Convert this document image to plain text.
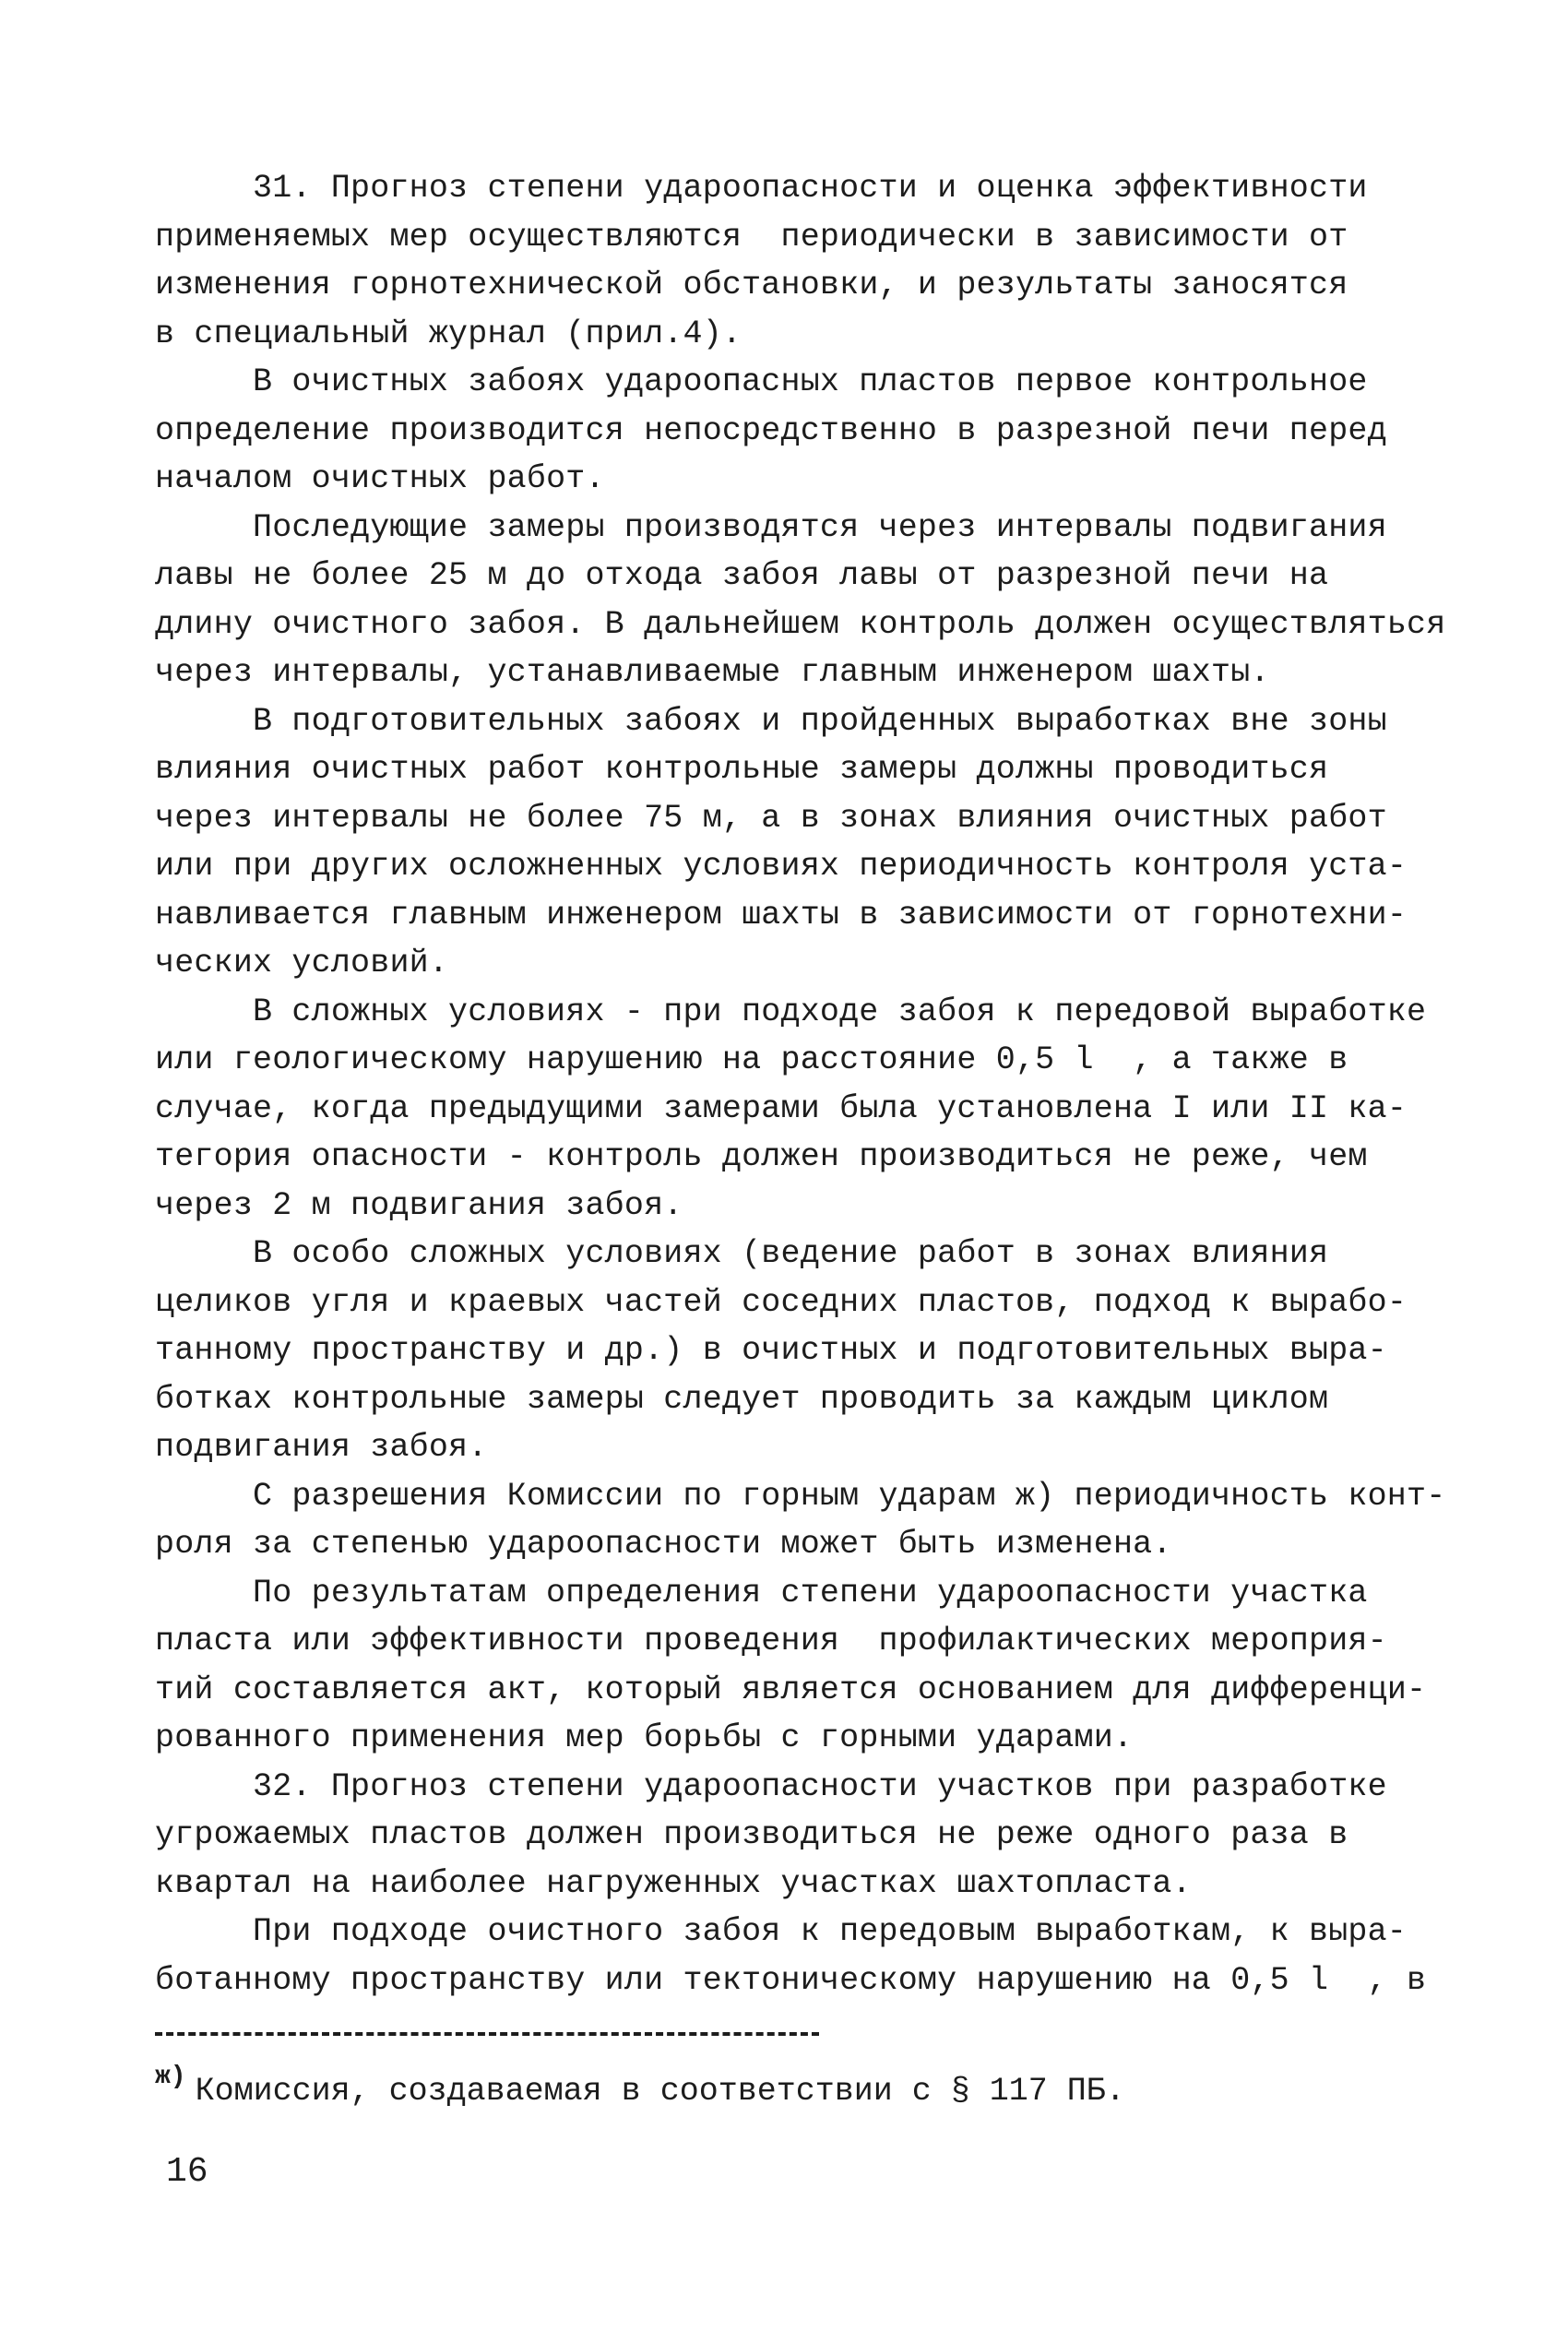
31. Прогноз степени удароопасности и оценка эффективности
применяемых мер осуществляются  периодически в зависимости от
изменения горнотехнической обстановки, и результаты заносятся
в специальный журнал (прил.4).
В очистных забоях удароопасных пластов первое контрольное
определение производится непосредственно в разрезной печи перед
началом очистных работ.
Последующие замеры производятся через интервалы подвигания
лавы не более 25 м до отхода забоя лавы от разрезной печи на
длину очистного забоя. В дальнейшем контроль должен осуществляться
через интервалы, устанавливаемые главным инженером шахты.
В подготовительных забоях и пройденных выработках вне зоны
влияния очистных работ контрольные замеры должны проводиться
через интервалы не более 75 м, а в зонах влияния очистных работ
или при других осложненных условиях периодичность контроля уста-
навливается главным инженером шахты в зависимости от горнотехни-
ческих условий.
В сложных условиях - при подходе забоя к передовой выработке
или геологическому нарушению на расстояние 0,5 l  , а также в
случае, когда предыдущими замерами была установлена I или II ка-
тегория опасности - контроль должен производиться не реже, чем
через 2 м подвигания забоя.
В особо сложных условиях (ведение работ в зонах влияния
целиков угля и краевых частей соседних пластов, подход к вырабо-
танному пространству и др.) в очистных и подготовительных выра-
ботках контрольные замеры следует проводить за каждым циклом
подвигания забоя.
С разрешения Комиссии по горным ударам ж) периодичность конт-
роля за степенью удароопасности может быть изменена.
По результатам определения степени удароопасности участка
пласта или эффективности проведения  профилактических мероприя-
тий составляется акт, который является основанием для дифференци-
рованного применения мер борьбы с горными ударами.
32. Прогноз степени удароопасности участков при разработке
угрожаемых пластов должен производиться не реже одного раза в
квартал на наиболее нагруженных участках шахтопласта.
При подходе очистного забоя к передовым выработкам, к выра-
ботанному пространству или тектоническому нарушению на 0,5 l  , в
ж) Комиссия, создаваемая в соответствии с § 117 ПБ.
16
